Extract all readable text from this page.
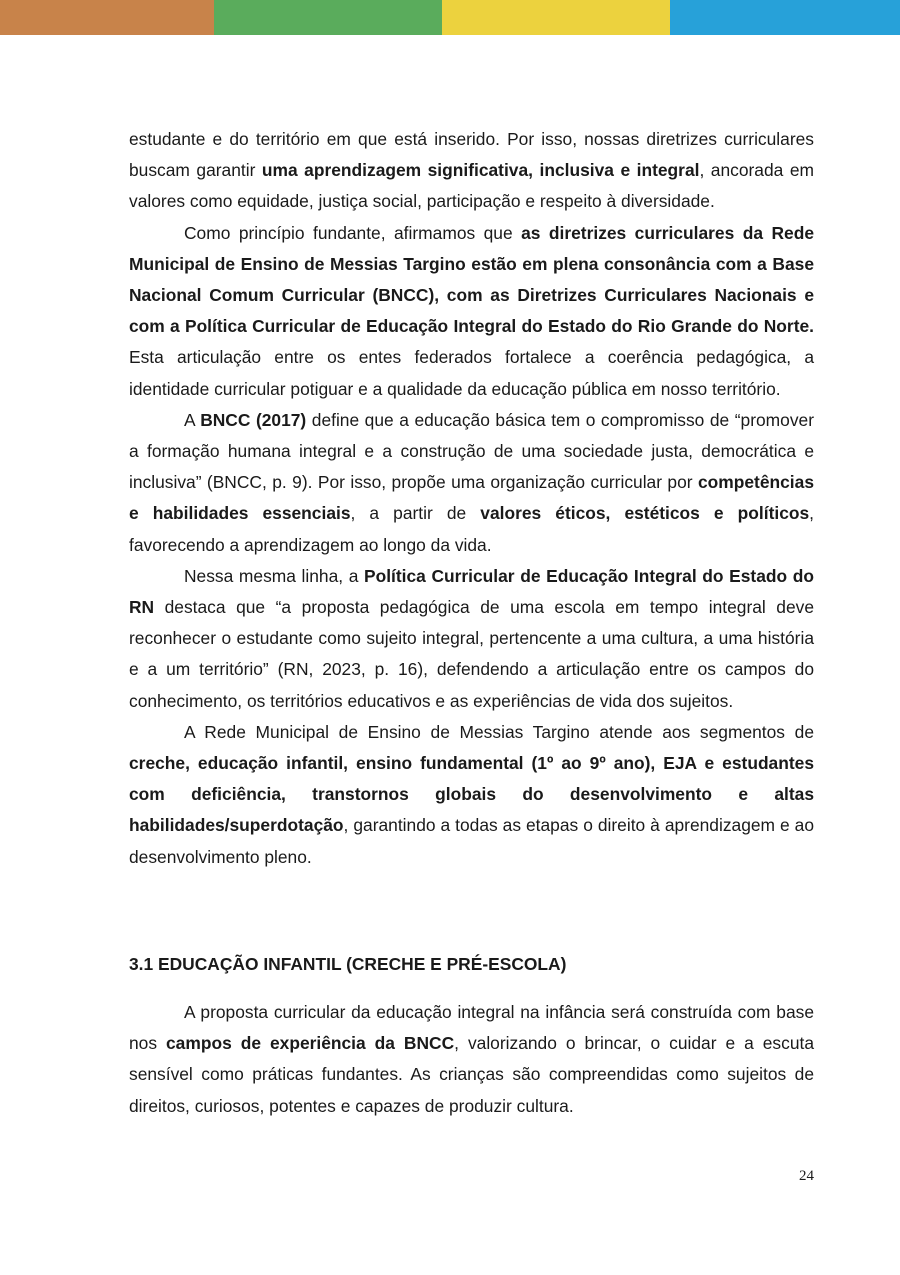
estudante e do território em que está inserido. Por isso, nossas diretrizes curriculares buscam garantir uma aprendizagem significativa, inclusiva e integral, ancorada em valores como equidade, justiça social, participação e respeito à diversidade.

Como princípio fundante, afirmamos que as diretrizes curriculares da Rede Municipal de Ensino de Messias Targino estão em plena consonância com a Base Nacional Comum Curricular (BNCC), com as Diretrizes Curriculares Nacionais e com a Política Curricular de Educação Integral do Estado do Rio Grande do Norte. Esta articulação entre os entes federados fortalece a coerência pedagógica, a identidade curricular potiguar e a qualidade da educação pública em nosso território.

A BNCC (2017) define que a educação básica tem o compromisso de “promover a formação humana integral e a construção de uma sociedade justa, democrática e inclusiva” (BNCC, p. 9). Por isso, propõe uma organização curricular por competências e habilidades essenciais, a partir de valores éticos, estéticos e políticos, favorecendo a aprendizagem ao longo da vida.

Nessa mesma linha, a Política Curricular de Educação Integral do Estado do RN destaca que “a proposta pedagógica de uma escola em tempo integral deve reconhecer o estudante como sujeito integral, pertencente a uma cultura, a uma história e a um território” (RN, 2023, p. 16), defendendo a articulação entre os campos do conhecimento, os territórios educativos e as experiências de vida dos sujeitos.

A Rede Municipal de Ensino de Messias Targino atende aos segmentos de creche, educação infantil, ensino fundamental (1º ao 9º ano), EJA e estudantes com deficiência, transtornos globais do desenvolvimento e altas habilidades/superdotação, garantindo a todas as etapas o direito à aprendizagem e ao desenvolvimento pleno.

3.1 EDUCAÇÃO INFANTIL (CRECHE E PRÉ-ESCOLA)

A proposta curricular da educação integral na infância será construída com base nos campos de experiência da BNCC, valorizando o brincar, o cuidar e a escuta sensível como práticas fundantes. As crianças são compreendidas como sujeitos de direitos, curiosos, potentes e capazes de produzir cultura.

24
